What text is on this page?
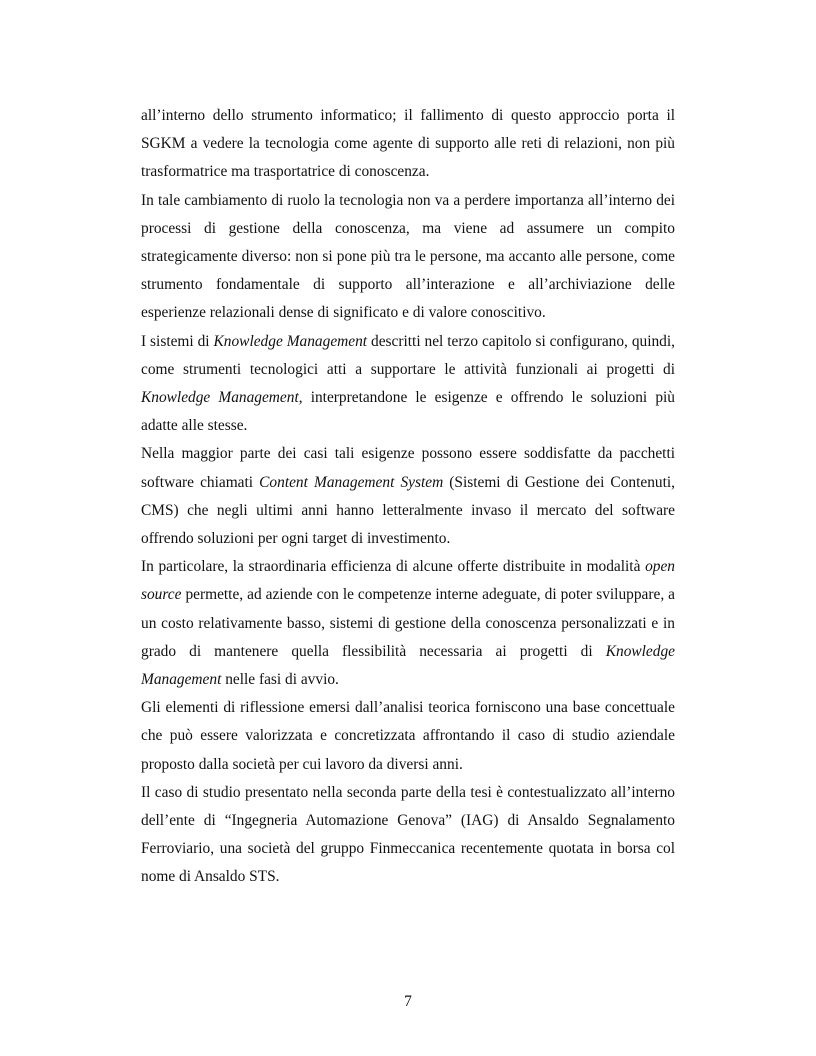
all’interno dello strumento informatico; il fallimento di questo approccio porta il SGKM a vedere la tecnologia come agente di supporto alle reti di relazioni, non più trasformatrice ma trasportatrice di conoscenza.

In tale cambiamento di ruolo la tecnologia non va a perdere importanza all’interno dei processi di gestione della conoscenza, ma viene ad assumere un compito strategicamente diverso: non si pone più tra le persone, ma accanto alle persone, come strumento fondamentale di supporto all’interazione e all’archiviazione delle esperienze relazionali dense di significato e di valore conoscitivo.

I sistemi di Knowledge Management descritti nel terzo capitolo si configurano, quindi, come strumenti tecnologici atti a supportare le attività funzionali ai progetti di Knowledge Management, interpretandone le esigenze e offrendo le soluzioni più adatte alle stesse.

Nella maggior parte dei casi tali esigenze possono essere soddisfatte da pacchetti software chiamati Content Management System (Sistemi di Gestione dei Contenuti, CMS) che negli ultimi anni hanno letteralmente invaso il mercato del software offrendo soluzioni per ogni target di investimento.

In particolare, la straordinaria efficienza di alcune offerte distribuite in modalità open source permette, ad aziende con le competenze interne adeguate, di poter sviluppare, a un costo relativamente basso, sistemi di gestione della conoscenza personalizzati e in grado di mantenere quella flessibilità necessaria ai progetti di Knowledge Management nelle fasi di avvio.

Gli elementi di riflessione emersi dall’analisi teorica forniscono una base concettuale che può essere valorizzata e concretizzata affrontando il caso di studio aziendale proposto dalla società per cui lavoro da diversi anni.

Il caso di studio presentato nella seconda parte della tesi è contestualizzato all’interno dell’ente di “Ingegneria Automazione Genova” (IAG) di Ansaldo Segnalamento Ferroviario, una società del gruppo Finmeccanica recentemente quotata in borsa col nome di Ansaldo STS.

7
